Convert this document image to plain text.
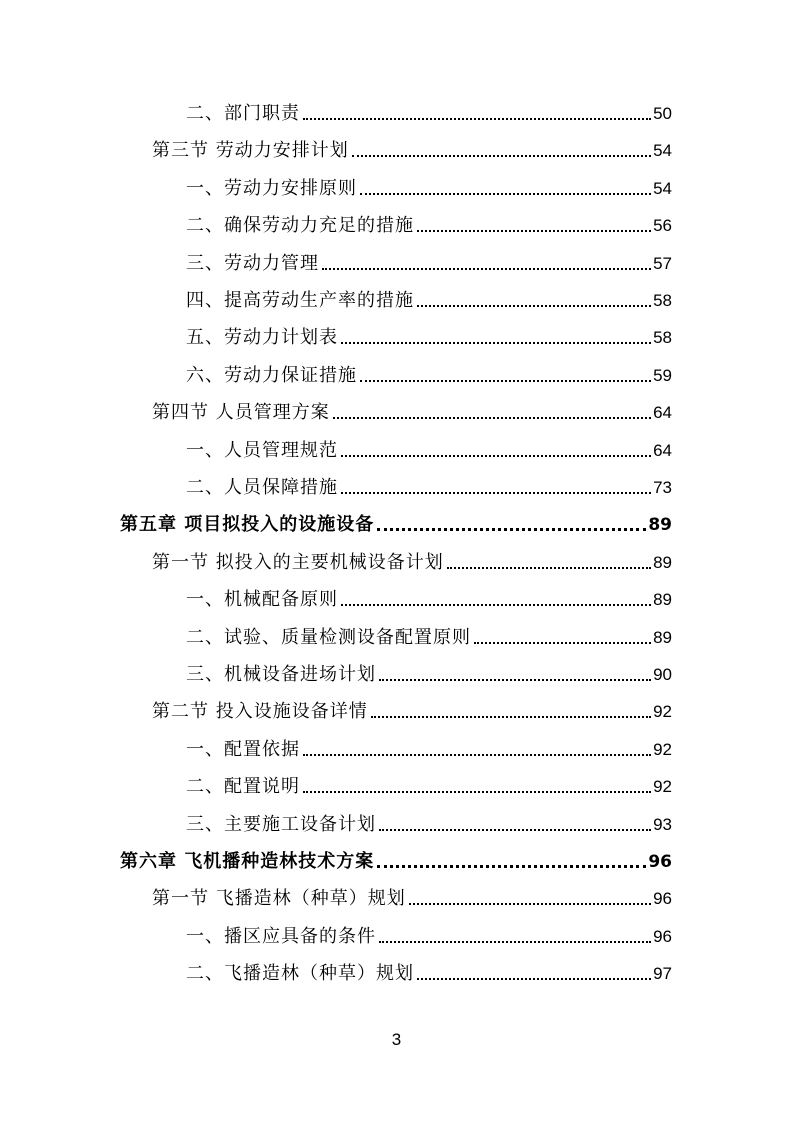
二、部门职责	50
第三节 劳动力安排计划	54
一、劳动力安排原则	54
二、确保劳动力充足的措施	56
三、劳动力管理	57
四、提高劳动生产率的措施	58
五、劳动力计划表	58
六、劳动力保证措施	59
第四节 人员管理方案	64
一、人员管理规范	64
二、人员保障措施	73
第五章 项目拟投入的设施设备	89
第一节 拟投入的主要机械设备计划	89
一、机械配备原则	89
二、试验、质量检测设备配置原则	89
三、机械设备进场计划	90
第二节 投入设施设备详情	92
一、配置依据	92
二、配置说明	92
三、主要施工设备计划	93
第六章 飞机播种造林技术方案	96
第一节 飞播造林（种草）规划	96
一、播区应具备的条件	96
二、飞播造林（种草）规划	97
3
